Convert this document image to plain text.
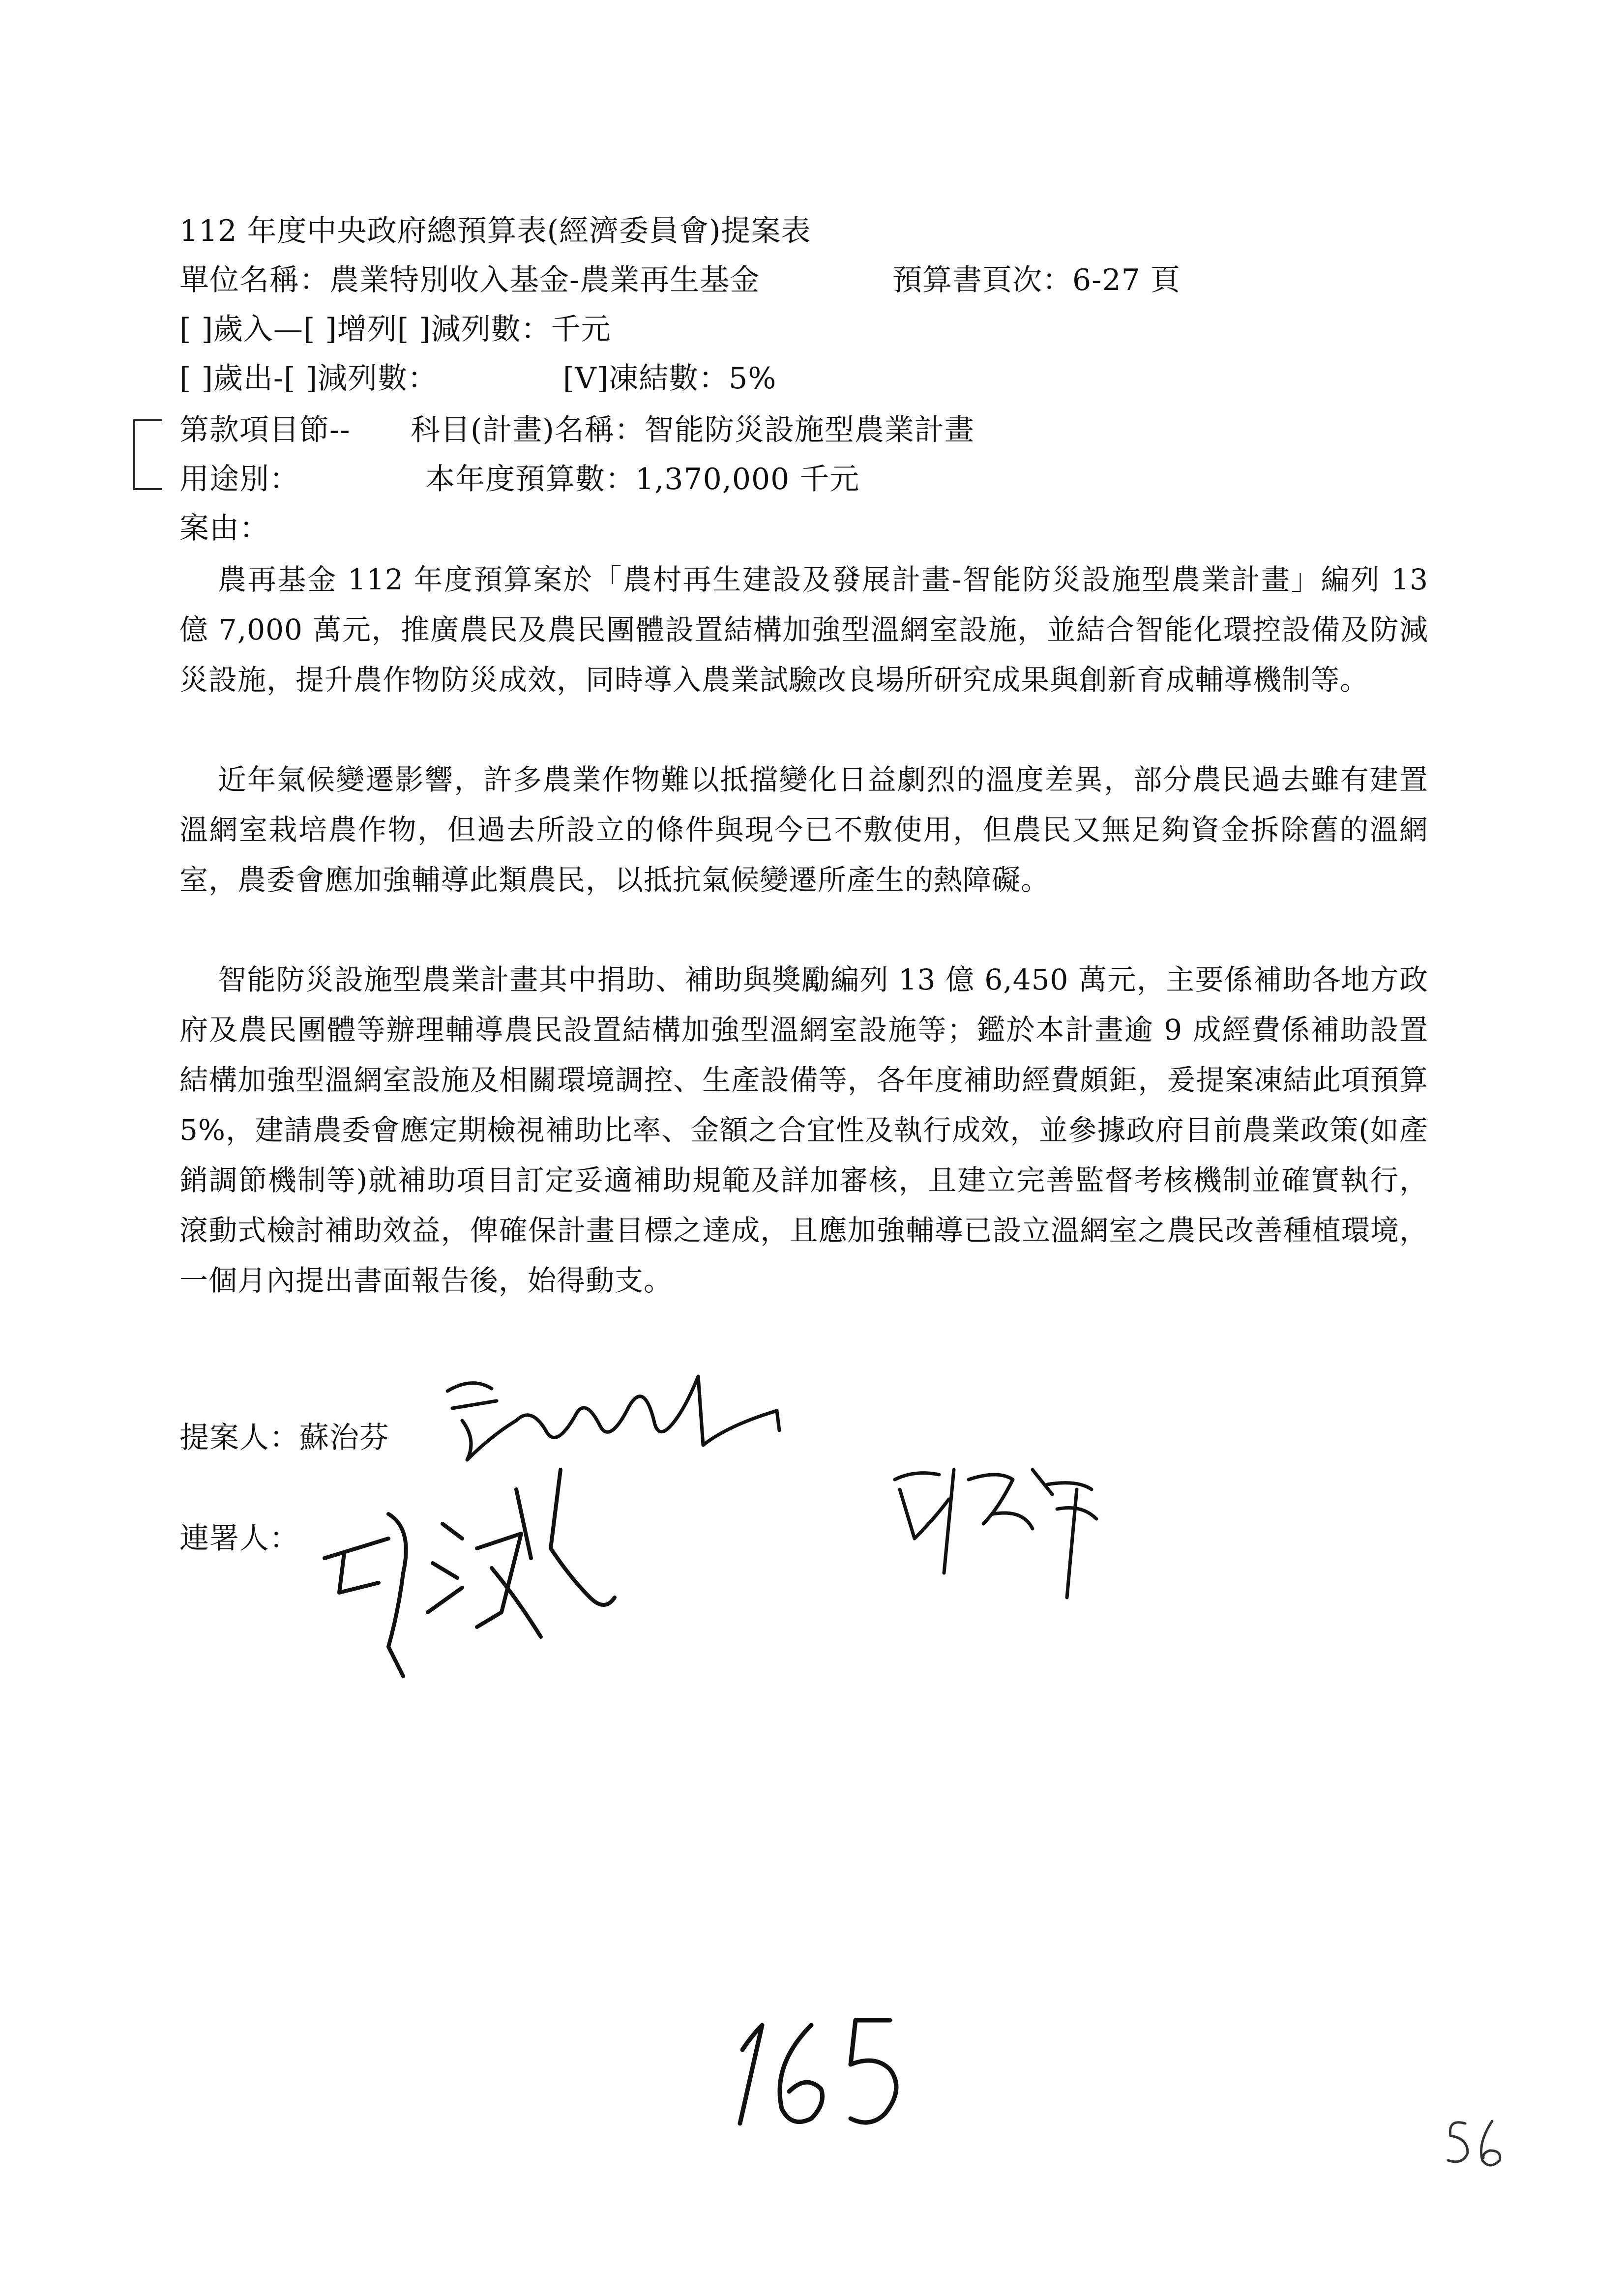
112 年度中央政府總預算表(經濟委員會)提案表
單位名稱：農業特別收入基金-農業再生基金	預算書頁次：6-27 頁
[ ]歲入—[ ]增列[ ]減列數：千元
[ ]歲出-[ ]減列數：	[V]凍結數：5%
第款項目節-- 科目(計畫)名稱：智能防災設施型農業計畫
用途別：	本年度預算數：1,370,000 千元
案由：
農再基金 112 年度預算案於「農村再生建設及發展計畫-智能防災設施型農業計畫」編列 13 億 7,000 萬元，推廣農民及農民團體設置結構加強型溫網室設施，並結合智能化環控設備及防減災設施，提升農作物防災成效，同時導入農業試驗改良場所研究成果與創新育成輔導機制等。
近年氣候變遷影響，許多農業作物難以抵擋變化日益劇烈的溫度差異，部分農民過去雖有建置溫網室栽培農作物，但過去所設立的條件與現今已不敷使用，但農民又無足夠資金拆除舊的溫網室，農委會應加強輔導此類農民，以抵抗氣候變遷所產生的熱障礙。
智能防災設施型農業計畫其中捐助、補助與獎勵編列 13 億 6,450 萬元，主要係補助各地方政府及農民團體等辦理輔導農民設置結構加強型溫網室設施等；鑑於本計畫逾 9 成經費係補助設置結構加強型溫網室設施及相關環境調控、生產設備等，各年度補助經費頗鉅，爰提案凍結此項預算 5%，建請農委會應定期檢視補助比率、金額之合宜性及執行成效，並參據政府目前農業政策(如產銷調節機制等)就補助項目訂定妥適補助規範及詳加審核，且建立完善監督考核機制並確實執行，滾動式檢討補助效益，俾確保計畫目標之達成，且應加強輔導已設立溫網室之農民改善種植環境，一個月內提出書面報告後，始得動支。
提案人：蘇治芬
連署人：
